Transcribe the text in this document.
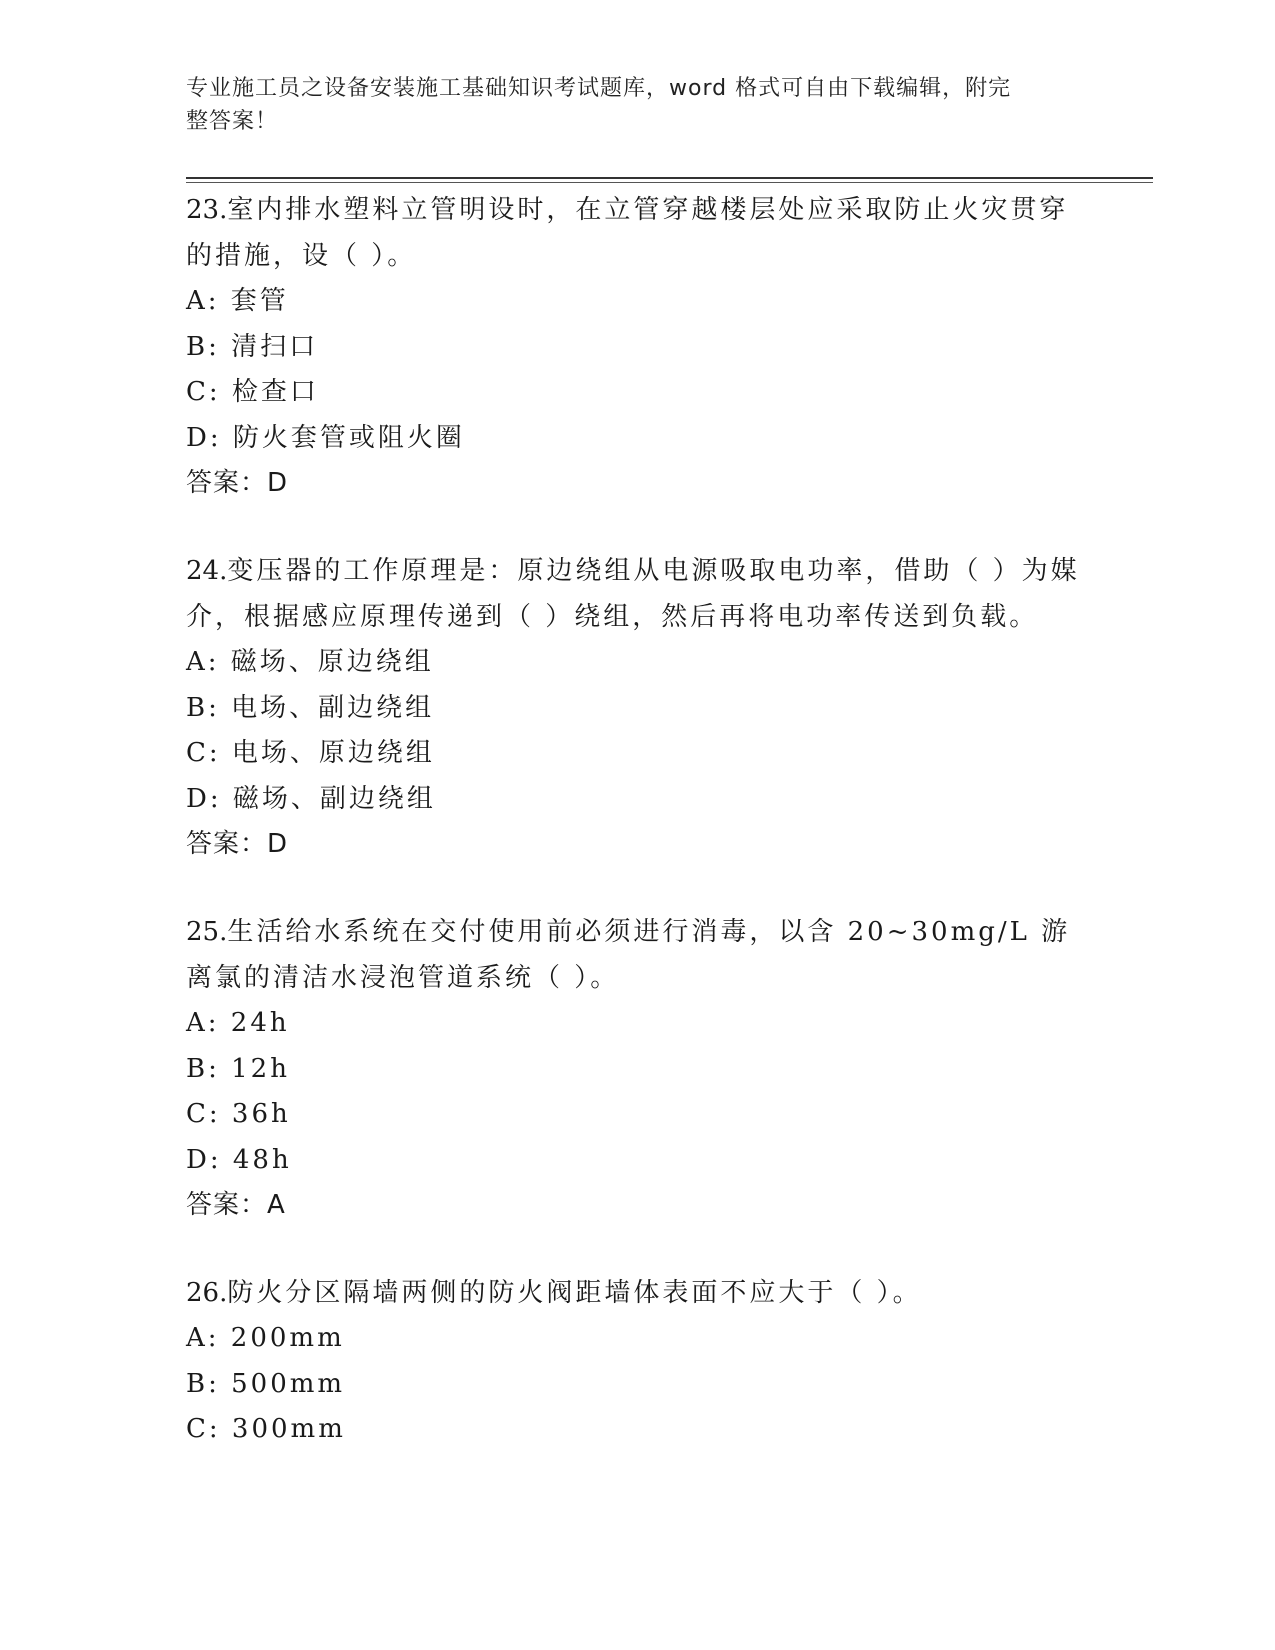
专业施工员之设备安装施工基础知识考试题库，word 格式可自由下载编辑，附完
整答案！

23.室内排水塑料立管明设时，在立管穿越楼层处应采取防止火灾贯穿的措施，设（ ）。

A: 套管

B: 清扫口

C: 检查口

D: 防火套管或阻火圈

答案：D

24.变压器的工作原理是：原边绕组从电源吸取电功率，借助（ ）为媒介，根据感应原理传递到（ ）绕组，然后再将电功率传送到负载。

A: 磁场、原边绕组

B: 电场、副边绕组

C: 电场、原边绕组

D: 磁场、副边绕组

答案：D

25.生活给水系统在交付使用前必须进行消毒，以含 20~30mg/L 游离氯的清洁水浸泡管道系统（ ）。

A: 24h

B: 12h

C: 36h

D: 48h

答案：A

26.防火分区隔墙两侧的防火阀距墙体表面不应大于（ ）。

A: 200mm

B: 500mm

C: 300mm
